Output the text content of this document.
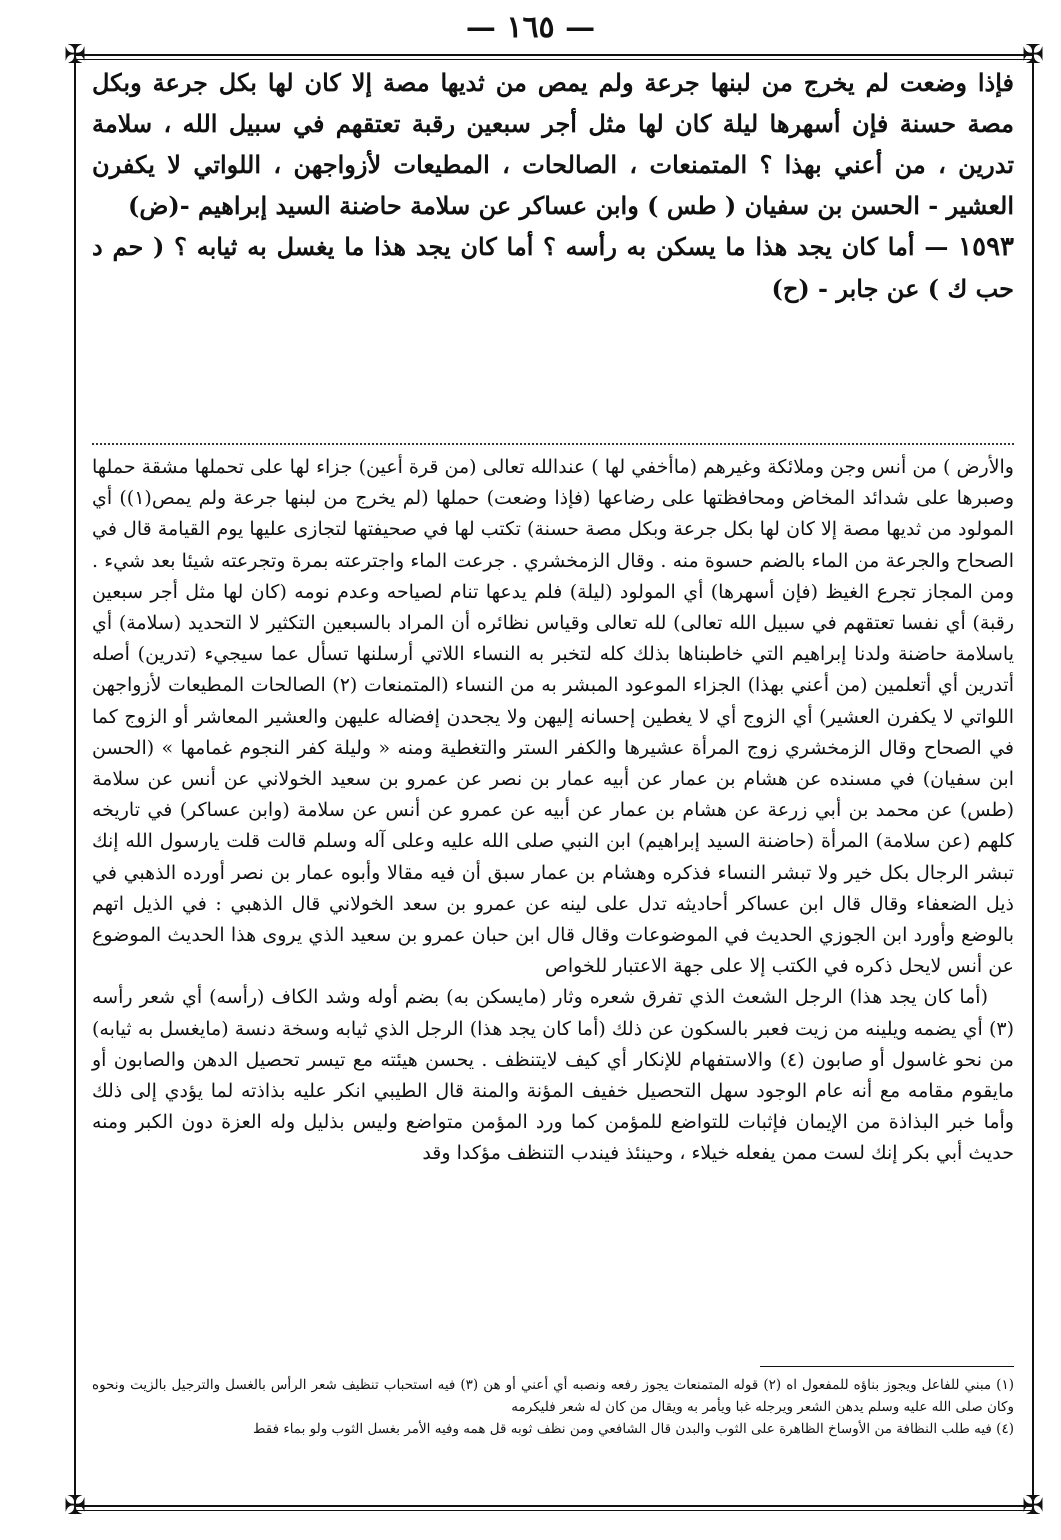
✠	✠
✠	✠
— ١٦٥ —

فإذا وضعت لم يخرج من لبنها جرعة ولم يمص من ثديها مصة إلا كان لها بكل جرعة وبكل مصة حسنة فإن أسهرها ليلة كان لها مثل أجر سبعين رقبة تعتقهم في سبيل الله ، سلامة تدرين ، من أعني بهذا ؟ المتمنعات ، الصالحات ، المطيعات لأزواجهن ، اللواتي لا يكفرن العشير - الحسن بن سفيان ( طس ) وابن عساكر عن سلامة حاضنة السيد إبراهيم -(ض)

١٥٩٣ — أما كان يجد هذا ما يسكن به رأسه ؟ أما كان يجد هذا ما يغسل به ثيابه ؟ ( حم د حب ك ) عن جابر - (ح)

والأرض ) من أنس وجن وملائكة وغيرهم (ماأخفي لها ) عندالله تعالى (من قرة أعين) جزاء لها على تحملها مشقة حملها وصبرها على شدائد المخاض ومحافظتها على رضاعها (فإذا وضعت) حملها (لم يخرج من لبنها جرعة ولم يمص(١)) أي المولود من ثديها مصة إلا كان لها بكل جرعة وبكل مصة حسنة) تكتب لها في صحيفتها لتجازى عليها يوم القيامة قال في الصحاح والجرعة من الماء بالضم حسوة منه . وقال الزمخشري . جرعت الماء واجترعته بمرة وتجرعته شيئا بعد شيء . ومن المجاز تجرع الغيظ (فإن أسهرها) أي المولود (ليلة) فلم يدعها تنام لصياحه وعدم نومه (كان لها مثل أجر سبعين رقبة) أي نفسا تعتقهم في سبيل الله تعالى) لله تعالى وقياس نظائره أن المراد بالسبعين التكثير لا التحديد (سلامة) أي ياسلامة حاضنة ولدنا إبراهيم التي خاطبناها بذلك كله لتخبر به النساء اللاتي أرسلنها تسأل عما سيجيء (تدرين) أصله أتدرين أي أتعلمين (من أعني بهذا) الجزاء الموعود المبشر به من النساء (المتمنعات (٢) الصالحات المطيعات لأزواجهن اللواتي لا يكفرن العشير) أي الزوج أي لا يغطين إحسانه إليهن ولا يجحدن إفضاله عليهن والعشير المعاشر أو الزوج كما في الصحاح وقال الزمخشري زوج المرأة عشيرها والكفر الستر والتغطية ومنه « وليلة كفر النجوم غمامها » (الحسن ابن سفيان) في مسنده عن هشام بن عمار عن أبيه عمار بن نصر عن عمرو بن سعيد الخولاني عن أنس عن سلامة (طس) عن محمد بن أبي زرعة عن هشام بن عمار عن أبيه عن عمرو عن أنس عن سلامة (وابن عساكر) في تاريخه كلهم (عن سلامة) المرأة (حاضنة السيد إبراهيم) ابن النبي صلى الله عليه وعلى آله وسلم قالت قلت يارسول الله إنك تبشر الرجال بكل خير ولا تبشر النساء فذكره وهشام بن عمار سبق أن فيه مقالا وأبوه عمار بن نصر أورده الذهبي في ذيل الضعفاء وقال قال ابن عساكر أحاديثه تدل على لينه عن عمرو بن سعد الخولاني قال الذهبي : في الذيل اتهم بالوضع وأورد ابن الجوزي الحديث في الموضوعات وقال قال ابن حبان عمرو بن سعيد الذي يروى هذا الحديث الموضوع عن أنس لايحل ذكره في الكتب إلا على جهة الاعتبار للخواص

(أما كان يجد هذا) الرجل الشعث الذي تفرق شعره وثار (مايسكن به) بضم أوله وشد الكاف (رأسه) أي شعر رأسه (٣) أي يضمه ويلينه من زيت فعبر بالسكون عن ذلك (أما كان يجد هذا) الرجل الذي ثيابه وسخة دنسة (مايغسل به ثيابه) من نحو غاسول أو صابون (٤) والاستفهام للإنكار أي كيف لايتنظف . يحسن هيئته مع تيسر تحصيل الدهن والصابون أو مايقوم مقامه مع أنه عام الوجود سهل التحصيل خفيف المؤنة والمنة قال الطيبي انكر عليه بذاذته لما يؤدي إلى ذلك وأما خبر البذاذة من الإيمان فإثبات للتواضع للمؤمن كما ورد المؤمن متواضع وليس بذليل وله العزة دون الكبر ومنه حديث أبي بكر إنك لست ممن يفعله خيلاء ، وحينئذ فيندب التنظف مؤكدا وقد

(١) مبني للفاعل ويجوز بناؤه للمفعول اه (٢) قوله المتمنعات يجوز رفعه ونصبه أي أعني أو هن (٣) فيه استحباب تنظيف شعر الرأس بالغسل والترجيل بالزيت ونحوه وكان صلى الله عليه وسلم يدهن الشعر ويرجله غبا ويأمر به ويقال من كان له شعر فليكرمه

(٤) فيه طلب النظافة من الأوساخ الظاهرة على الثوب والبدن قال الشافعي ومن نظف ثوبه قل همه وفيه الأمر بغسل الثوب ولو بماء فقط
